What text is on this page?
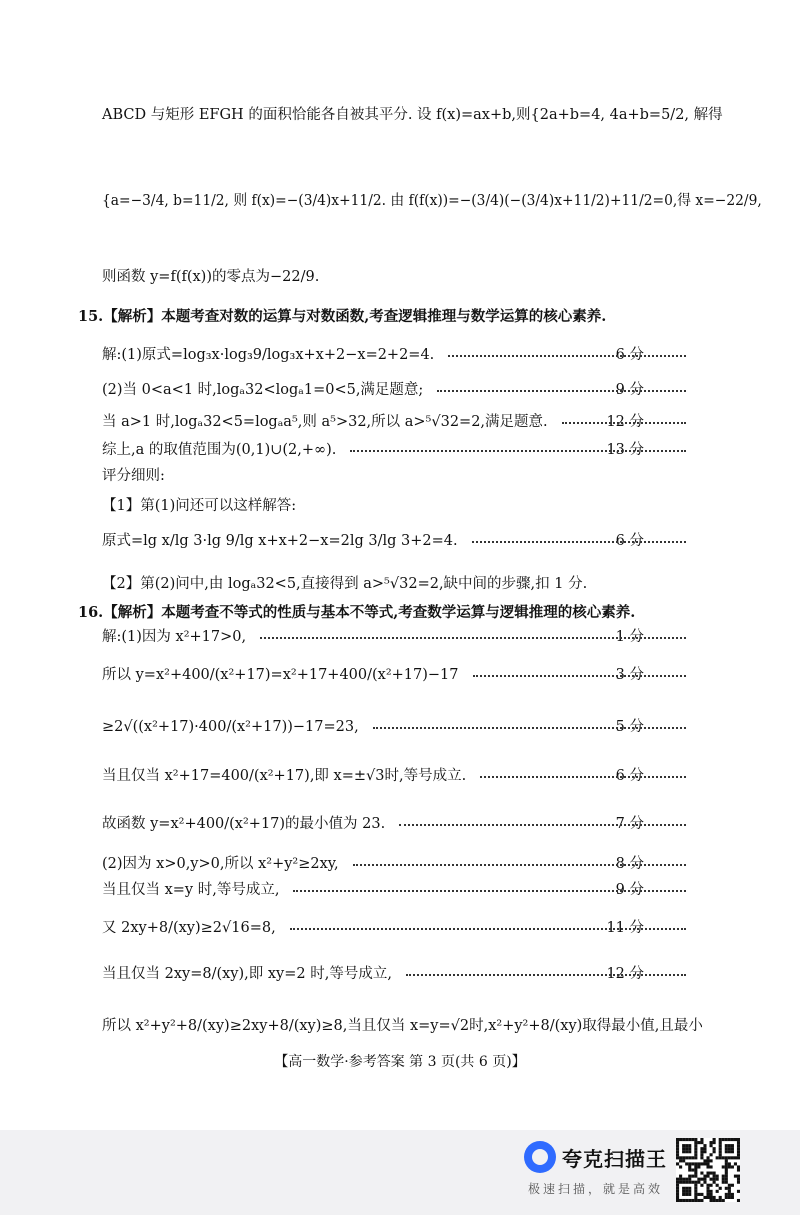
ABCD 与矩形 EFGH 的面积恰能各自被其平分. 设 f(x)=ax+b,则{2a+b=4, 4a+b=5/2, 解得
{a=−3/4, b=11/2, 则 f(x)=−(3/4)x+11/2. 由 f(f(x))=−(3/4)(−(3/4)x+11/2)+11/2=0,得 x=−22/9,
则函数 y=f(f(x))的零点为−22/9.
15.【解析】本题考查对数的运算与对数函数,考查逻辑推理与数学运算的核心素养.
解:(1)原式=log₃x·log₃9/log₃x+x+2−x=2+2=4.	6 分
(2)当 0<a<1 时,logₐ32<logₐ1=0<5,满足题意;	9 分
当 a>1 时,logₐ32<5=logₐa⁵,则 a⁵>32,所以 a>⁵√32=2,满足题意.	12 分
综上,a 的取值范围为(0,1)∪(2,+∞).	13 分
评分细则:
【1】第(1)问还可以这样解答:
原式=lg x/lg 3·lg 9/lg x+x+2−x=2lg 3/lg 3+2=4.	6 分
【2】第(2)问中,由 logₐ32<5,直接得到 a>⁵√32=2,缺中间的步骤,扣 1 分.
16.【解析】本题考查不等式的性质与基本不等式,考查数学运算与逻辑推理的核心素养.
解:(1)因为 x²+17>0,	1 分
所以 y=x²+400/(x²+17)=x²+17+400/(x²+17)−17	3 分
≥2√((x²+17)·400/(x²+17))−17=23,	5 分
当且仅当 x²+17=400/(x²+17),即 x=±√3时,等号成立.	6 分
故函数 y=x²+400/(x²+17)的最小值为 23.	7 分
(2)因为 x>0,y>0,所以 x²+y²≥2xy,	8 分
当且仅当 x=y 时,等号成立,	9 分
又 2xy+8/(xy)≥2√16=8,	11 分
当且仅当 2xy=8/(xy),即 xy=2 时,等号成立,	12 分
所以 x²+y²+8/(xy)≥2xy+8/(xy)≥8,当且仅当 x=y=√2时,x²+y²+8/(xy)取得最小值,且最小
【高一数学·参考答案 第 3 页(共 6 页)】
夸克扫描王
极速扫描，就是高效
